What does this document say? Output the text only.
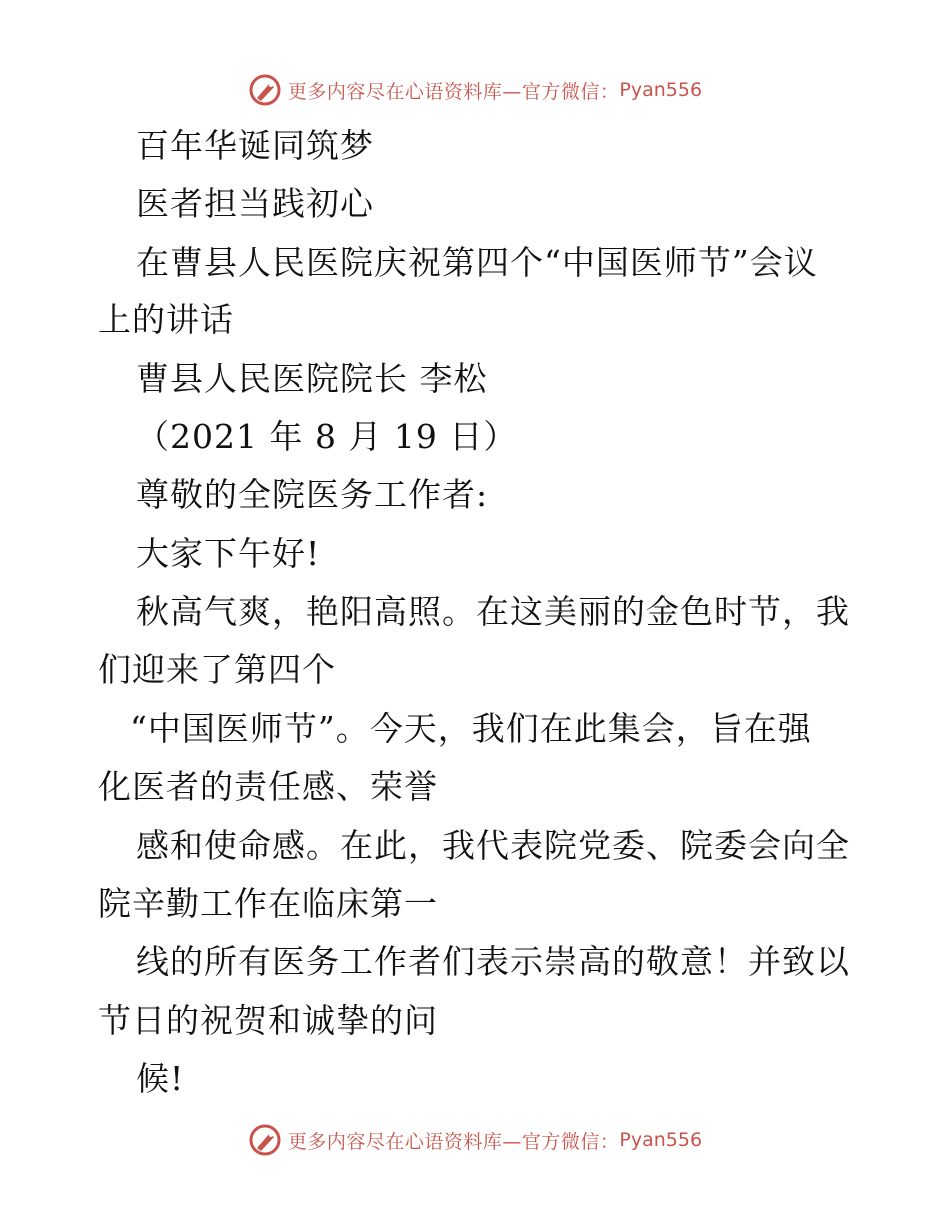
更多内容尽在心语资料库—官方微信： Pyan556
百年华诞同筑梦
医者担当践初心
在曹县人民医院庆祝第四个“中国医师节”会议
上的讲话
曹县人民医院院长 李松
（2021 年 8 月 19 日）
尊敬的全院医务工作者:
大家下午好!
秋高气爽，艳阳高照。在这美丽的金色时节，我
们迎来了第四个
“中国医师节”。今天，我们在此集会，旨在强
化医者的责任感、荣誉
感和使命感。在此，我代表院党委、院委会向全
院辛勤工作在临床第一
线的所有医务工作者们表示崇高的敬意！并致以
节日的祝贺和诚挚的问
候!
更多内容尽在心语资料库—官方微信： Pyan556
